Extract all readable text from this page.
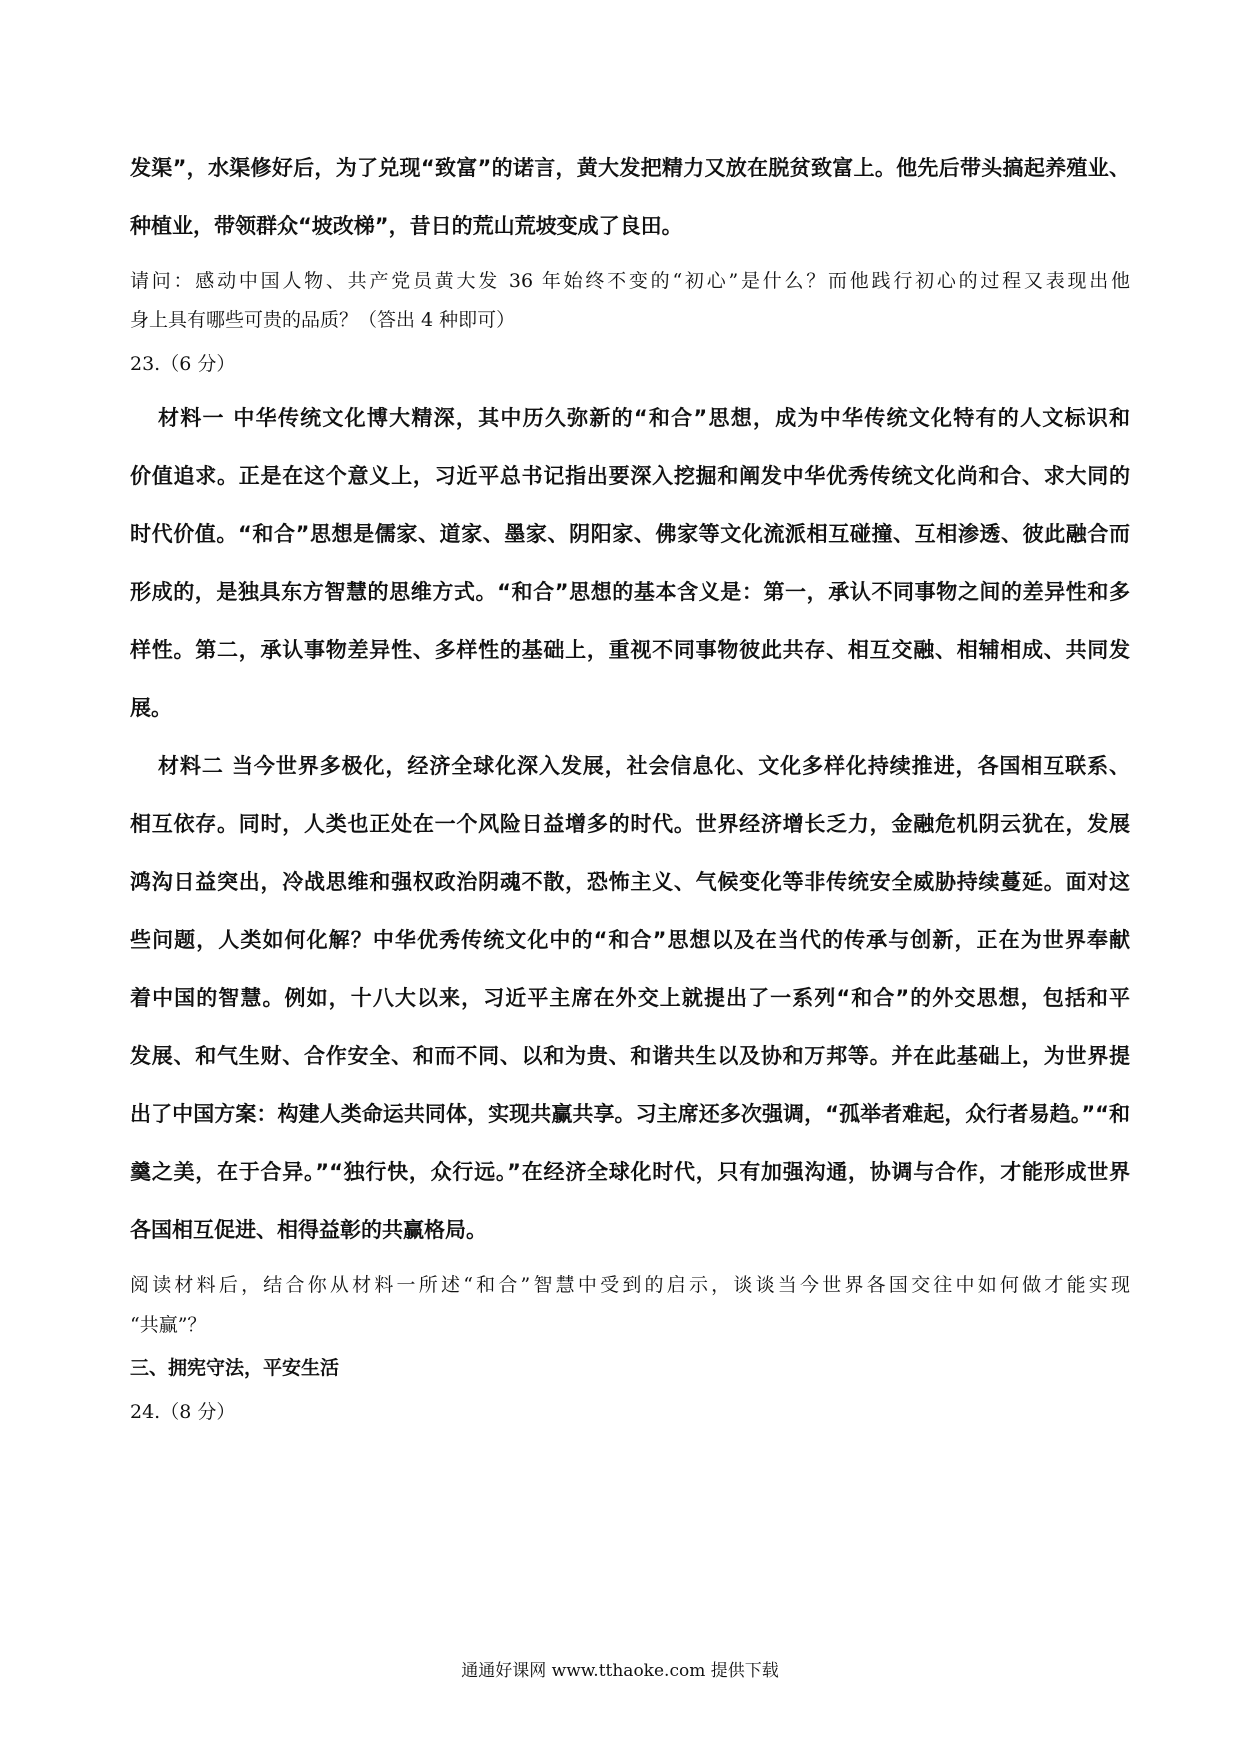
发渠”，水渠修好后，为了兑现“致富”的诺言，黄大发把精力又放在脱贫致富上。他先后带头搞起养殖业、
种植业，带领群众“坡改梯”，昔日的荒山荒坡变成了良田。
请问：感动中国人物、共产党员黄大发 36 年始终不变的“初心”是什么？而他践行初心的过程又表现出他
身上具有哪些可贵的品质？（答出 4 种即可）
23.（6 分）
材料一 中华传统文化博大精深，其中历久弥新的“和合”思想，成为中华传统文化特有的人文标识和
价值追求。正是在这个意义上，习近平总书记指出要深入挖掘和阐发中华优秀传统文化尚和合、求大同的
时代价值。“和合”思想是儒家、道家、墨家、阴阳家、佛家等文化流派相互碰撞、互相渗透、彼此融合而
形成的，是独具东方智慧的思维方式。“和合”思想的基本含义是：第一，承认不同事物之间的差异性和多
样性。第二，承认事物差异性、多样性的基础上，重视不同事物彼此共存、相互交融、相辅相成、共同发
展。
材料二 当今世界多极化，经济全球化深入发展，社会信息化、文化多样化持续推进，各国相互联系、
相互依存。同时，人类也正处在一个风险日益增多的时代。世界经济增长乏力，金融危机阴云犹在，发展
鸿沟日益突出，冷战思维和强权政治阴魂不散，恐怖主义、气候变化等非传统安全威胁持续蔓延。面对这
些问题，人类如何化解？中华优秀传统文化中的“和合”思想以及在当代的传承与创新，正在为世界奉献
着中国的智慧。例如，十八大以来，习近平主席在外交上就提出了一系列“和合”的外交思想，包括和平
发展、和气生财、合作安全、和而不同、以和为贵、和谐共生以及协和万邦等。并在此基础上，为世界提
出了中国方案：构建人类命运共同体，实现共赢共享。习主席还多次强调，“孤举者难起，众行者易趋。”“和
羹之美，在于合异。”“独行快，众行远。”在经济全球化时代，只有加强沟通，协调与合作，才能形成世界
各国相互促进、相得益彰的共赢格局。
阅读材料后，结合你从材料一所述“和合”智慧中受到的启示，谈谈当今世界各国交往中如何做才能实现
“共赢”？
三、拥宪守法，平安生活
24.（8 分）
通通好课网 www.tthaoke.com 提供下载
